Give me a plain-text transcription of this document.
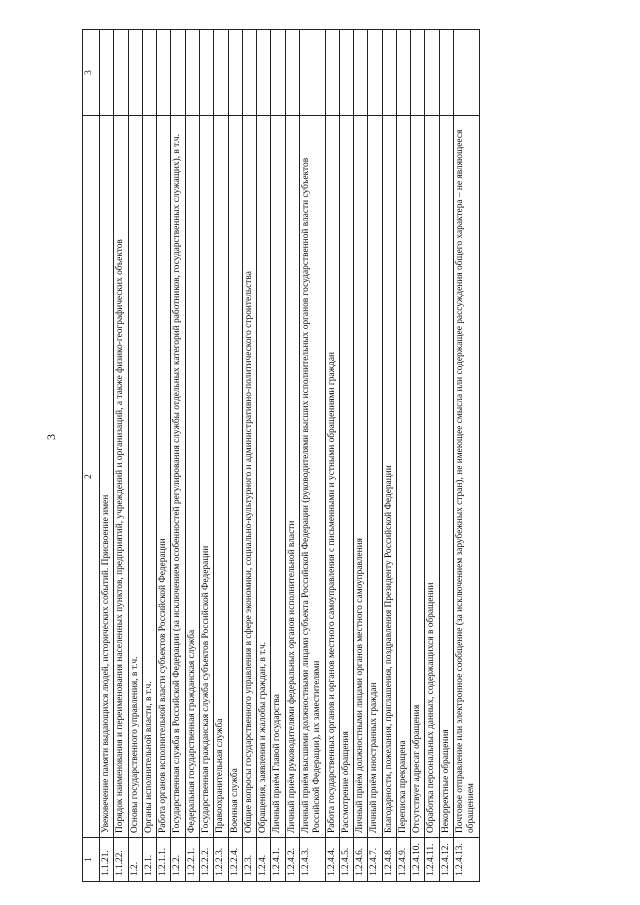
3
1	2	3
1.1.21.	Увековечение памяти выдающихся людей, исторических событий. Присвоение имен	
1.1.22.	Порядок наименования и переименования населенных пунктов, предприятий, учреждений и организаций, а также физико-географических объектов	
1.2.	Основы государственного управления, в т.ч.	
1.2.1.	Органы исполнительной власти, в т.ч.	
1.2.1.1.	Работа органов исполнительной власти субъектов Российской Федерации	
1.2.2.	Государственная служба в Российской Федерации (за исключением особенностей регулирования службы отдельных категорий работников, государственных служащих), в т.ч.	
1.2.2.1.	Федеральная государственная гражданская служба	
1.2.2.2.	Государственная гражданская служба субъектов Российской Федерации	
1.2.2.3.	Правоохранительная служба	
1.2.2.4.	Военная служба	
1.2.3.	Общие вопросы государственного управления в сфере экономики, социально-культурного и административно-политического строительства	
1.2.4.	Обращения, заявления и жалобы граждан, в т.ч.	
1.2.4.1.	Личный приём Главой государства	
1.2.4.2.	Личный приём руководителями федеральных органов исполнительной власти	
1.2.4.3.	Личный приём высшими должностными лицами субъекта Российской Федерации (руководителями высших исполнительных органов государственной власти субъектов Российской Федерации), их заместителями	
1.2.4.4.	Работа государственных органов и органов местного самоуправления с письменными и устными обращениями граждан	
1.2.4.5.	Рассмотрение обращения	
1.2.4.6.	Личный приём должностными лицами органов местного самоуправления	
1.2.4.7.	Личный приём иностранных граждан	
1.2.4.8.	Благодарности, пожелания, приглашения, поздравления Президенту Российской Федерации	
1.2.4.9.	Переписка прекращена	
1.2.4.10.	Отсутствует адресат обращения	
1.2.4.11.	Обработка персональных данных, содержащихся в обращении	
1.2.4.12.	Некорректные обращения	
1.2.4.13.	Почтовое отправление или электронное сообщение (за исключением зарубежных стран), не имеющее смысла или содержащее рассуждения общего характера – не являющееся обращением	
